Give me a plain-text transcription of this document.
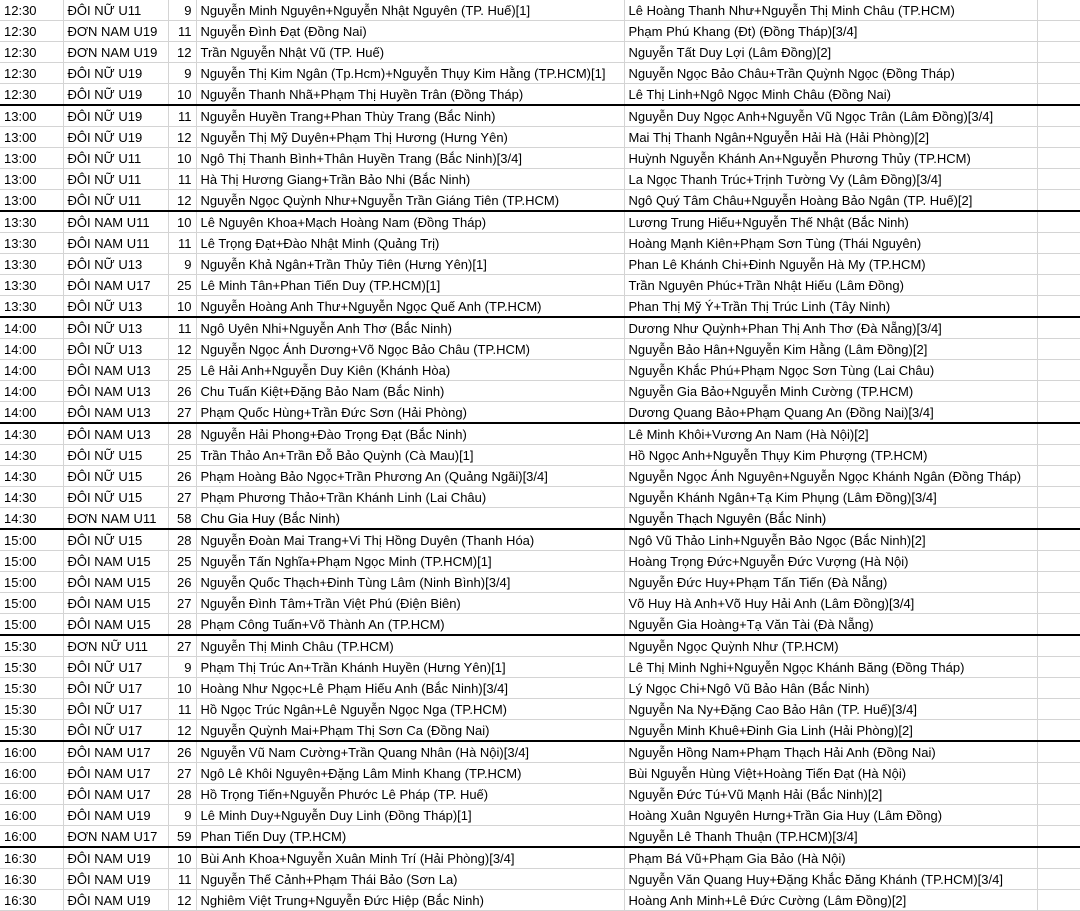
12:30	ĐÔI NỮ U11	9	Nguyễn Minh Nguyên+Nguyễn Nhật Nguyên (TP. Huế)[1]	Lê Hoàng Thanh Như+Nguyễn Thị Minh Châu (TP.HCM)	
12:30	ĐƠN NAM U19	11	Nguyễn Đình Đạt (Đồng Nai)	Phạm Phú Khang (Đt) (Đồng Tháp)[3/4]	
12:30	ĐƠN NAM U19	12	Trần Nguyễn Nhật Vũ (TP. Huế)	Nguyễn Tất Duy Lợi (Lâm Đồng)[2]	
12:30	ĐÔI NỮ U19	9	Nguyễn Thị Kim Ngân (Tp.Hcm)+Nguyễn Thụy Kim Hằng (TP.HCM)[1]	Nguyễn Ngọc Bảo Châu+Trần Quỳnh Ngọc (Đồng Tháp)	
12:30	ĐÔI NỮ U19	10	Nguyễn Thanh Nhã+Phạm Thị Huyền Trân (Đồng Tháp)	Lê Thị Linh+Ngô Ngọc Minh Châu (Đồng Nai)	
13:00	ĐÔI NỮ U19	11	Nguyễn Huyền Trang+Phan Thùy Trang (Bắc Ninh)	Nguyễn Duy Ngọc Anh+Nguyễn Vũ Ngọc Trân (Lâm Đồng)[3/4]	
13:00	ĐÔI NỮ U19	12	Nguyễn Thị Mỹ Duyên+Phạm Thị Hương (Hưng Yên)	Mai Thị Thanh Ngân+Nguyễn Hải Hà (Hải Phòng)[2]	
13:00	ĐÔI NỮ U11	10	Ngô Thị Thanh Bình+Thân Huyền Trang (Bắc Ninh)[3/4]	Huỳnh Nguyễn Khánh An+Nguyễn Phương Thủy (TP.HCM)	
13:00	ĐÔI NỮ U11	11	Hà Thị Hương Giang+Trần Bảo Nhi (Bắc Ninh)	La Ngọc Thanh Trúc+Trịnh Tường Vy (Lâm Đồng)[3/4]	
13:00	ĐÔI NỮ U11	12	Nguyễn Ngọc Quỳnh Như+Nguyễn Trần Giáng Tiên (TP.HCM)	Ngô Quý Tâm Châu+Nguyễn Hoàng Bảo Ngân (TP. Huế)[2]	
13:30	ĐÔI NAM U11	10	Lê Nguyên Khoa+Mạch Hoàng Nam (Đồng Tháp)	Lương Trung Hiếu+Nguyễn Thế Nhật (Bắc Ninh)	
13:30	ĐÔI NAM U11	11	Lê Trọng Đạt+Đào Nhật Minh (Quảng Trị)	Hoàng Mạnh Kiên+Phạm Sơn Tùng (Thái Nguyên)	
13:30	ĐÔI NỮ U13	9	Nguyễn Khả Ngân+Trần Thủy Tiên (Hưng Yên)[1]	Phan Lê Khánh Chi+Đinh Nguyễn Hà My (TP.HCM)	
13:30	ĐÔI NAM U17	25	Lê Minh Tân+Phan Tiến Duy (TP.HCM)[1]	Trần Nguyên Phúc+Trần Nhật Hiếu (Lâm Đồng)	
13:30	ĐÔI NỮ U13	10	Nguyễn Hoàng Anh Thư+Nguyễn Ngọc Quế Anh (TP.HCM)	Phan Thị Mỹ Ý+Trần Thị Trúc Linh (Tây Ninh)	
14:00	ĐÔI NỮ U13	11	Ngô Uyên Nhi+Nguyễn Anh Thơ (Bắc Ninh)	Dương Như Quỳnh+Phan Thị Anh Thơ (Đà Nẵng)[3/4]	
14:00	ĐÔI NỮ U13	12	Nguyễn Ngọc Ánh Dương+Võ Ngọc Bảo Châu (TP.HCM)	Nguyễn Bảo Hân+Nguyễn Kim Hằng (Lâm Đồng)[2]	
14:00	ĐÔI NAM U13	25	Lê Hải Anh+Nguyễn Duy Kiên (Khánh Hòa)	Nguyễn Khắc Phú+Phạm Ngọc Sơn Tùng (Lai Châu)	
14:00	ĐÔI NAM U13	26	Chu Tuấn Kiệt+Đặng Bảo Nam (Bắc Ninh)	Nguyễn Gia Bảo+Nguyễn Minh Cường (TP.HCM)	
14:00	ĐÔI NAM U13	27	Phạm Quốc Hùng+Trần Đức Sơn (Hải Phòng)	Dương Quang Bảo+Phạm Quang An (Đồng Nai)[3/4]	
14:30	ĐÔI NAM U13	28	Nguyễn Hải Phong+Đào Trọng Đạt (Bắc Ninh)	Lê Minh Khôi+Vương An Nam (Hà Nội)[2]	
14:30	ĐÔI NỮ U15	25	Trần Thảo An+Trần Đỗ Bảo Quỳnh (Cà Mau)[1]	Hồ Ngọc Anh+Nguyễn Thụy Kim Phượng (TP.HCM)	
14:30	ĐÔI NỮ U15	26	Phạm Hoàng Bảo Ngọc+Trần Phương An (Quảng Ngãi)[3/4]	Nguyễn Ngọc Ánh Nguyên+Nguyễn Ngọc Khánh Ngân (Đồng Tháp)	
14:30	ĐÔI NỮ U15	27	Phạm Phương Thảo+Trần Khánh Linh (Lai Châu)	Nguyễn Khánh Ngân+Tạ Kim Phụng (Lâm Đồng)[3/4]	
14:30	ĐƠN NAM U11	58	Chu Gia Huy (Bắc Ninh)	Nguyễn Thạch Nguyên (Bắc Ninh)	
15:00	ĐÔI NỮ U15	28	Nguyễn Đoàn Mai Trang+Vi Thị Hồng Duyên (Thanh Hóa)	Ngô Vũ Thảo Linh+Nguyễn Bảo Ngọc (Bắc Ninh)[2]	
15:00	ĐÔI NAM U15	25	Nguyễn Tấn Nghĩa+Phạm Ngọc Minh (TP.HCM)[1]	Hoàng Trọng Đức+Nguyễn Đức Vượng (Hà Nội)	
15:00	ĐÔI NAM U15	26	Nguyễn Quốc Thạch+Đinh Tùng Lâm (Ninh Bình)[3/4]	Nguyễn Đức Huy+Phạm Tấn Tiến (Đà Nẵng)	
15:00	ĐÔI NAM U15	27	Nguyễn Đình Tâm+Trần Việt Phú (Điện Biên)	Võ Huy Hà Anh+Võ Huy Hải Anh (Lâm Đồng)[3/4]	
15:00	ĐÔI NAM U15	28	Phạm Công Tuấn+Võ Thành An (TP.HCM)	Nguyễn Gia Hoàng+Tạ Văn Tài (Đà Nẵng)	
15:30	ĐƠN NỮ U11	27	Nguyễn Thị Minh Châu (TP.HCM)	Nguyễn Ngọc Quỳnh Như (TP.HCM)	
15:30	ĐÔI NỮ U17	9	Phạm Thị Trúc An+Trần Khánh Huyền (Hưng Yên)[1]	Lê Thị Minh Nghi+Nguyễn Ngọc Khánh Băng (Đồng Tháp)	
15:30	ĐÔI NỮ U17	10	Hoàng Như Ngọc+Lê Phạm Hiếu Anh (Bắc Ninh)[3/4]	Lý Ngọc Chi+Ngô Vũ Bảo Hân (Bắc Ninh)	
15:30	ĐÔI NỮ U17	11	Hồ Ngọc Trúc Ngân+Lê Nguyễn Ngọc Nga (TP.HCM)	Nguyễn Na Ny+Đặng Cao Bảo Hân (TP. Huế)[3/4]	
15:30	ĐÔI NỮ U17	12	Nguyễn Quỳnh Mai+Phạm Thị Sơn Ca (Đồng Nai)	Nguyễn Minh Khuê+Đinh Gia Linh (Hải Phòng)[2]	
16:00	ĐÔI NAM U17	26	Nguyễn Vũ Nam Cường+Trần Quang Nhân (Hà Nội)[3/4]	Nguyễn Hồng Nam+Phạm Thạch Hải Anh (Đồng Nai)	
16:00	ĐÔI NAM U17	27	Ngô Lê Khôi Nguyên+Đặng Lâm Minh Khang (TP.HCM)	Bùi Nguyễn Hùng Việt+Hoàng Tiến Đạt (Hà Nội)	
16:00	ĐÔI NAM U17	28	Hồ Trọng Tiến+Nguyễn Phước Lê Pháp (TP. Huế)	Nguyễn Đức Tú+Vũ Mạnh Hải (Bắc Ninh)[2]	
16:00	ĐÔI NAM U19	9	Lê Minh Duy+Nguyễn Duy Linh (Đồng Tháp)[1]	Hoàng Xuân Nguyên Hưng+Trần Gia Huy (Lâm Đồng)	
16:00	ĐƠN NAM U17	59	Phan Tiến Duy (TP.HCM)	Nguyễn Lê Thanh Thuận (TP.HCM)[3/4]	
16:30	ĐÔI NAM U19	10	Bùi Anh Khoa+Nguyễn Xuân Minh Trí (Hải Phòng)[3/4]	Phạm Bá Vũ+Phạm Gia Bảo (Hà Nội)	
16:30	ĐÔI NAM U19	11	Nguyễn Thế Cảnh+Phạm Thái Bảo (Sơn La)	Nguyễn Văn Quang Huy+Đặng Khắc Đăng Khánh (TP.HCM)[3/4]	
16:30	ĐÔI NAM U19	12	Nghiêm Việt Trung+Nguyễn Đức Hiệp (Bắc Ninh)	Hoàng Anh Minh+Lê Đức Cường (Lâm Đồng)[2]	
